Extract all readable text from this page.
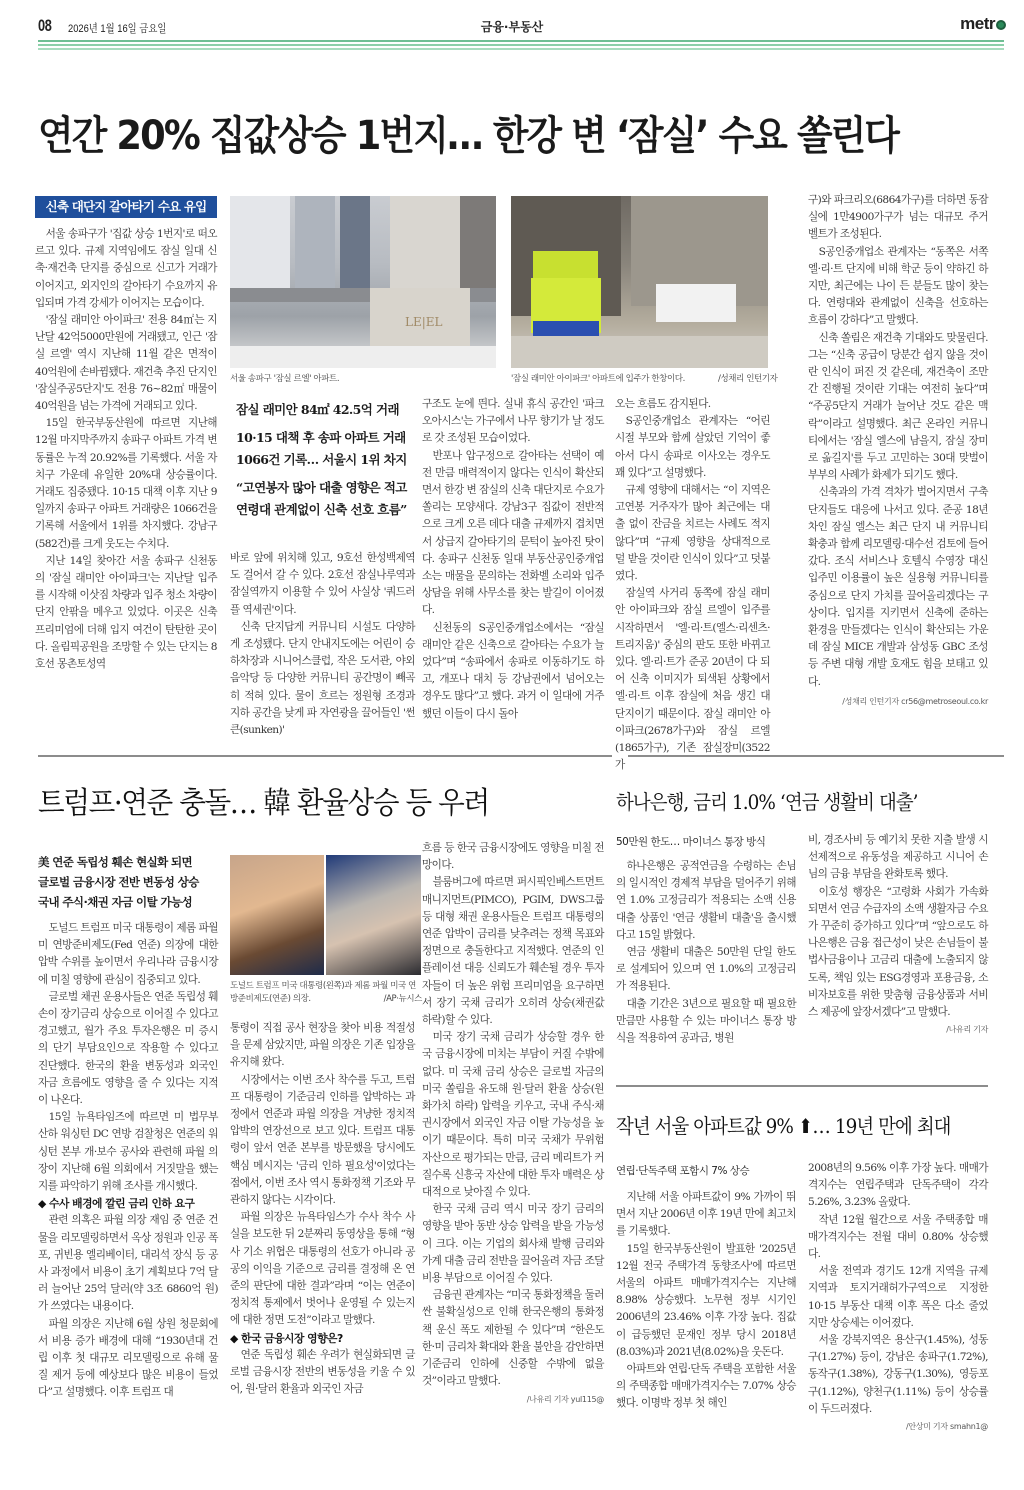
08 2026년 1월 16일 금요일	금융·부동산	metr
연간 20% 집값상승 1번지… 한강 변 ‘잠실’ 수요 쏠린다
신축 대단지 갈아타기 수요 유입

서울 송파구가 '집값 상승 1번지'로 떠오르고 있다. 규제 지역임에도 잠실 일대 신축·재건축 단지를 중심으로 신고가 거래가 이어지고, 외지인의 갈아타기 수요까지 유입되며 가격 강세가 이어지는 모습이다.

'잠실 래미안 아이파크' 전용 84㎡는 지난달 42억5000만원에 거래됐고, 인근 '잠실 르엘' 역시 지난해 11월 같은 면적이 40억원에 손바뀜됐다. 재건축 추진 단지인 '잠실주공5단지'도 전용 76~82㎡ 매물이 40억원을 넘는 가격에 거래되고 있다.

15일 한국부동산원에 따르면 지난해 12월 마지막주까지 송파구 아파트 가격 변동률은 누적 20.92%를 기록했다. 서울 자치구 가운데 유일한 20%대 상승률이다. 거래도 집중됐다. 10·15 대책 이후 지난 9일까지 송파구 아파트 거래량은 1066건을 기록해 서울에서 1위를 차지했다. 강남구(582건)를 크게 웃도는 수치다.

지난 14일 찾아간 서울 송파구 신천동의 '잠실 래미안 아이파크'는 지난달 입주를 시작해 이삿짐 차량과 입주 청소 차량이 단지 안팎을 메우고 있었다. 이곳은 신축 프리미엄에 더해 입지 여건이 탄탄한 곳이다. 올림픽공원을 조망할 수 있는 단지는 8호선 몽촌토성역

LE|EL
서울 송파구 '잠실 르엘' 아파트.	'잠실 래미안 아이파크' 아파트에 입주가 한창이다.	/성채리 인턴기자
잠실 래미안 84㎡ 42.5억 거래
10·15 대책 후 송파 아파트 거래
1066건 기록… 서울시 1위 차지
“고연봉자 많아 대출 영향은 적고
연령대 관계없이 신축 선호 흐름”

바로 앞에 위치해 있고, 9호선 한성백제역도 걸어서 갈 수 있다. 2호선 잠실나루역과 잠실역까지 이용할 수 있어 사실상 '쿼드러플 역세권'이다.

신축 단지답게 커뮤니티 시설도 다양하게 조성됐다. 단지 안내지도에는 어린이 승하차장과 시니어스클럽, 작은 도서관, 야외 음악당 등 다양한 커뮤니티 공간명이 빼곡히 적혀 있다. 물이 흐르는 정원형 조경과 지하 공간을 낮게 파 자연광을 끌어들인 '썬큰(sunken)'

구조도 눈에 띈다. 실내 휴식 공간인 '파크 오아시스'는 가구에서 나무 향기가 날 정도로 갓 조성된 모습이었다.

반포나 압구정으로 갈아타는 선택이 예전 만큼 매력적이지 않다는 인식이 확산되면서 한강 변 잠실의 신축 대단지로 수요가 쏠리는 모양새다. 강남3구 집값이 전반적으로 크게 오른 데다 대출 규제까지 겹치면서 상급지 갈아타기의 문턱이 높아진 탓이다. 송파구 신천동 일대 부동산공인중개업소는 매물을 문의하는 전화벨 소리와 입주 상담을 위해 사무소를 찾는 발길이 이어졌다.

신천동의 S공인중개업소에서는 “잠실 래미안 같은 신축으로 갈아타는 수요가 늘었다”며 “송파에서 송파로 이동하기도 하고, 개포나 대치 등 강남권에서 넘어오는 경우도 많다”고 했다. 과거 이 일대에 거주했던 이들이 다시 돌아

오는 흐름도 감지된다.

S공인중개업소 관계자는 “어린 시절 부모와 함께 살았던 기억이 좋아서 다시 송파로 이사오는 경우도 꽤 있다”고 설명했다.

규제 영향에 대해서는 “이 지역은 고연봉 거주자가 많아 최근에는 대출 없이 잔금을 치르는 사례도 적지 않다”며 “규제 영향을 상대적으로 덜 받을 것이란 인식이 있다”고 덧붙였다.

잠실역 사거리 동쪽에 잠실 래미안 아이파크와 잠실 르엘이 입주를 시작하면서 '엘·리·트(엘스·리센츠·트리지움)' 중심의 판도 또한 바뀌고 있다. 엘·리·트가 준공 20년이 다 되어 신축 이미지가 퇴색된 상황에서 엘·리·트 이후 잠실에 처음 생긴 대단지이기 때문이다. 잠실 래미안 아이파크(2678가구)와 잠실 르엘(1865가구), 기존 잠실장미(3522가

구)와 파크리오(6864가구)를 더하면 동잠실에 1만4900가구가 넘는 대규모 주거 벨트가 조성된다.

S공인중개업소 관계자는 “동쪽은 서쪽 엘·리·트 단지에 비해 학군 등이 약하긴 하지만, 최근에는 나이 든 분들도 많이 찾는다. 연령대와 관계없이 신축을 선호하는 흐름이 강하다”고 말했다.

신축 쏠림은 재건축 기대와도 맞물린다. 그는 “신축 공급이 당분간 쉽지 않을 것이란 인식이 퍼진 것 같은데, 재건축이 조만간 진행될 것이란 기대는 여전히 높다”며 “주공5단지 거래가 늘어난 것도 같은 맥락”이라고 설명했다. 최근 온라인 커뮤니티에서는 '잠실 엘스에 남을지, 잠실 장미로 옮길지'를 두고 고민하는 30대 맞벌이 부부의 사례가 화제가 되기도 했다.

신축과의 가격 격차가 벌어지면서 구축 단지들도 대응에 나서고 있다. 준공 18년 차인 잠실 엘스는 최근 단지 내 커뮤니티 확충과 함께 리모델링·대수선 검토에 들어갔다. 조식 서비스나 호텔식 수영장 대신 입주민 이용률이 높은 실용형 커뮤니티를 중심으로 단지 가치를 끌어올리겠다는 구상이다. 입지를 지키면서 신축에 준하는 환경을 만들겠다는 인식이 확산되는 가운데 잠실 MICE 개발과 삼성동 GBC 조성 등 주변 대형 개발 호재도 힘을 보태고 있다.

/성채리 인턴기자 cr56@metroseoul.co.kr
트럼프·연준 충돌… 韓 환율상승 등 우려
美 연준 독립성 훼손 현실화 되면
글로벌 금융시장 전반 변동성 상승
국내 주식·채권 자금 이탈 가능성

도널드 트럼프 미국 대통령이 제롬 파월 미 연방준비제도(Fed 연준) 의장에 대한 압박 수위를 높이면서 우리나라 금융시장에 미칠 영향에 관심이 집중되고 있다.

글로벌 채권 운용사들은 연준 독립성 훼손이 장기금리 상승으로 이어질 수 있다고 경고했고, 월가 주요 투자은행은 미 증시의 단기 부담요인으로 작용할 수 있다고 진단했다. 한국의 환율 변동성과 외국인 자금 흐름에도 영향을 줄 수 있다는 지적이 나온다.

15일 뉴욕타임즈에 따르면 미 법무부 산하 워싱턴 DC 연방 검찰청은 연준의 워싱턴 본부 개·보수 공사와 관련해 파월 의장이 지난해 6월 의회에서 거짓말을 했는지를 파악하기 위해 조사를 개시했다.

◆ 수사 배경에 깔린 금리 인하 요구

관련 의혹은 파월 의장 재임 중 연준 건물을 리모델링하면서 옥상 정원과 인공 폭포, 귀빈용 엘리베이터, 대리석 장식 등 공사 과정에서 비용이 초기 계획보다 7억 달러 늘어난 25억 달러(약 3조 6860억 원)가 쓰였다는 내용이다.

파월 의장은 지난해 6월 상원 청문회에서 비용 증가 배경에 대해 “1930년대 건립 이후 첫 대규모 리모델링으로 유해 물질 제거 등에 예상보다 많은 비용이 들었다”고 설명했다. 이후 트럼프 대

도널드 트럼프 미국 대통령(왼쪽)과 제롬 파월 미국 연방준비제도(연준) 의장.	/AP·뉴시스

통령이 직접 공사 현장을 찾아 비용 적절성을 문제 삼았지만, 파월 의장은 기존 입장을 유지해 왔다.

시장에서는 이번 조사 착수를 두고, 트럼프 대통령이 기준금리 인하를 압박하는 과정에서 연준과 파월 의장을 겨냥한 정치적 압박의 연장선으로 보고 있다. 트럼프 대통령이 앞서 연준 본부를 방문했을 당시에도 핵심 메시지는 '금리 인하 필요성'이었다는 점에서, 이번 조사 역시 통화정책 기조와 무관하지 않다는 시각이다.

파월 의장은 뉴욕타임스가 수사 착수 사실을 보도한 뒤 2분짜리 동영상을 통해 “형사 기소 위협은 대통령의 선호가 아니라 공공의 이익을 기준으로 금리를 결정해 온 연준의 판단에 대한 결과”라며 “이는 연준이 정치적 통제에서 벗어나 운영될 수 있는지에 대한 정면 도전”이라고 말했다.

◆ 한국 금융시장 영향은?

연준 독립성 훼손 우려가 현실화되면 글로벌 금융시장 전반의 변동성을 키울 수 있어, 원·달러 환율과 외국인 자금

흐름 등 한국 금융시장에도 영향을 미칠 전망이다.

블룸버그에 따르면 퍼시픽인베스트먼트매니지먼트(PIMCO), PGIM, DWS그룹 등 대형 채권 운용사들은 트럼프 대통령의 연준 압박이 금리를 낮추려는 정책 목표와 정면으로 충돌한다고 지적했다. 연준의 인플레이션 대응 신뢰도가 훼손될 경우 투자자들이 더 높은 위험 프리미엄을 요구하면서 장기 국채 금리가 오히려 상승(채권값 하락)할 수 있다.

미국 장기 국채 금리가 상승할 경우 한국 금융시장에 미치는 부담이 커질 수밖에 없다. 미 국채 금리 상승은 글로벌 자금의 미국 쏠림을 유도해 원·달러 환율 상승(원화가치 하락) 압력을 키우고, 국내 주식·채권시장에서 외국인 자금 이탈 가능성을 높이기 때문이다. 특히 미국 국채가 무위험 자산으로 평가되는 만큼, 금리 메리트가 커질수록 신흥국 자산에 대한 투자 매력은 상대적으로 낮아질 수 있다.

한국 국채 금리 역시 미국 장기 금리의 영향을 받아 동반 상승 압력을 받을 가능성이 크다. 이는 기업의 회사채 발행 금리와 가계 대출 금리 전반을 끌어올려 자금 조달 비용 부담으로 이어질 수 있다.

금융권 관계자는 “미국 통화정책을 둘러싼 불확실성으로 인해 한국은행의 통화정책 운신 폭도 제한될 수 있다”며 “한은도 한·미 금리차 확대와 환율 불안을 감안하면 기준금리 인하에 신중할 수밖에 없을 것”이라고 말했다.

/나유리 기자 yul115@
하나은행, 금리 1.0% ‘연금 생활비 대출’
50만원 한도… 마이너스 통장 방식

하나은행은 공적연금을 수령하는 손님의 일시적인 경제적 부담을 덜어주기 위해 연 1.0% 고정금리가 적용되는 소액 신용대출 상품인 '연금 생활비 대출'을 출시했다고 15일 밝혔다.

연금 생활비 대출은 50만원 단일 한도로 설계되어 있으며 연 1.0%의 고정금리가 적용된다.

대출 기간은 3년으로 필요할 때 필요한 만큼만 사용할 수 있는 마이너스 통장 방식을 적용하여 공과금, 병원

비, 경조사비 등 예기치 못한 지출 발생 시 선제적으로 유동성을 제공하고 시니어 손님의 금융 부담을 완화토록 했다.

이호성 행장은 “고령화 사회가 가속화되면서 연금 수급자의 소액 생활자금 수요가 꾸준히 증가하고 있다”며 “앞으로도 하나은행은 금융 접근성이 낮은 손님들이 불법사금융이나 고금리 대출에 노출되지 않도록, 책임 있는 ESG경영과 포용금융, 소비자보호를 위한 맞춤형 금융상품과 서비스 제공에 앞장서겠다”고 말했다.

/나유리 기자
작년 서울 아파트값 9% ⬆… 19년 만에 최대
연립·단독주택 포함시 7% 상승

지난해 서울 아파트값이 9% 가까이 뛰면서 지난 2006년 이후 19년 만에 최고치를 기록했다.

15일 한국부동산원이 발표한 '2025년 12월 전국 주택가격 동향조사'에 따르면 서울의 아파트 매매가격지수는 지난해 8.98% 상승했다. 노무현 정부 시기인 2006년의 23.46% 이후 가장 높다. 집값이 급등했던 문재인 정부 당시 2018년(8.03%)과 2021년(8.02%)을 웃돈다.

아파트와 연립·단독 주택을 포함한 서울의 주택종합 매매가격지수는 7.07% 상승했다. 이명박 정부 첫 해인

2008년의 9.56% 이후 가장 높다. 매매가격지수는 연립주택과 단독주택이 각각 5.26%, 3.23% 올랐다.

작년 12월 월간으로 서울 주택종합 매매가격지수는 전월 대비 0.80% 상승했다.

서울 전역과 경기도 12개 지역을 규제지역과 토지거래허가구역으로 지정한 10·15 부동산 대책 이후 폭은 다소 줄었지만 상승세는 이어졌다.

서울 강북지역은 용산구(1.45%), 성동구(1.27%) 등이, 강남은 송파구(1.72%), 동작구(1.38%), 강동구(1.30%), 영등포구(1.12%), 양천구(1.11%) 등이 상승률이 두드러졌다.

/안상미 기자 smahn1@
